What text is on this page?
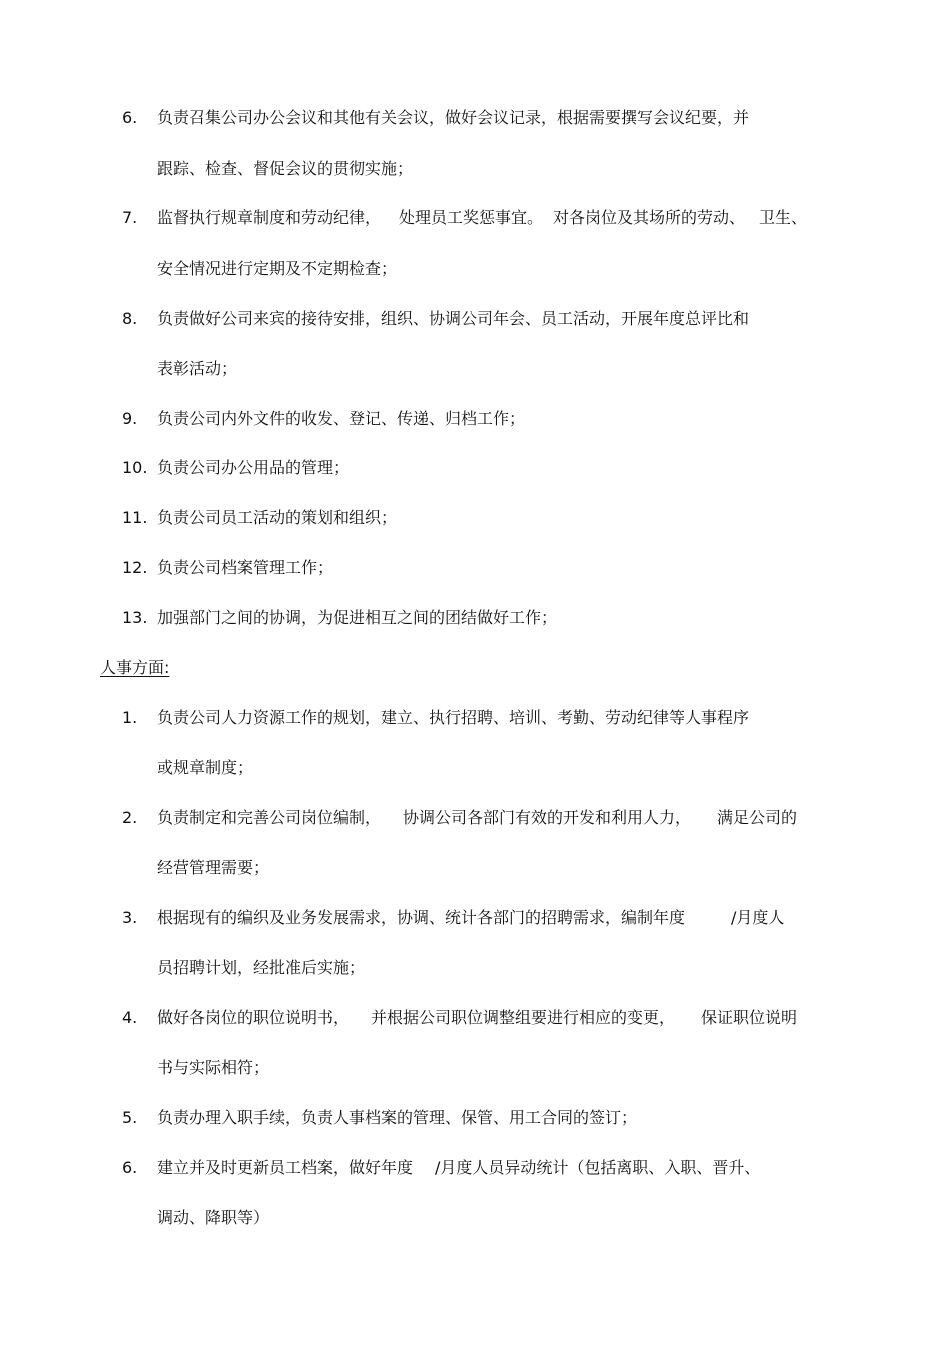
6.	负责召集公司办公会议和其他有关会议，做好会议记录，根据需要撰写会议纪要，并
跟踪、检查、督促会议的贯彻实施；
7.	监督执行规章制度和劳动纪律， 处理员工奖惩事宜。 对各岗位及其场所的劳动、 卫生、
安全情况进行定期及不定期检查；
8.	负责做好公司来宾的接待安排，组织、协调公司年会、员工活动，开展年度总评比和
表彰活动；
9.	负责公司内外文件的收发、登记、传递、归档工作；
10. 负责公司办公用品的管理；
11. 负责公司员工活动的策划和组织；
12. 负责公司档案管理工作；
13. 加强部门之间的协调，为促进相互之间的团结做好工作；
人事方面:
1.	负责公司人力资源工作的规划，建立、执行招聘、培训、考勤、劳动纪律等人事程序
或规章制度；
2.	负责制定和完善公司岗位编制， 协调公司各部门有效的开发和利用人力， 满足公司的
经营管理需要；
3.	根据现有的编织及业务发展需求，协调、统计各部门的招聘需求，编制年度	/月度人
员招聘计划，经批准后实施；
4.	做好各岗位的职位说明书， 并根据公司职位调整组要进行相应的变更， 保证职位说明
书与实际相符；
5.	负责办理入职手续，负责人事档案的管理、保管、用工合同的签订；
6.	建立并及时更新员工档案，做好年度 /月度人员异动统计（包括离职、入职、晋升、
调动、降职等）
